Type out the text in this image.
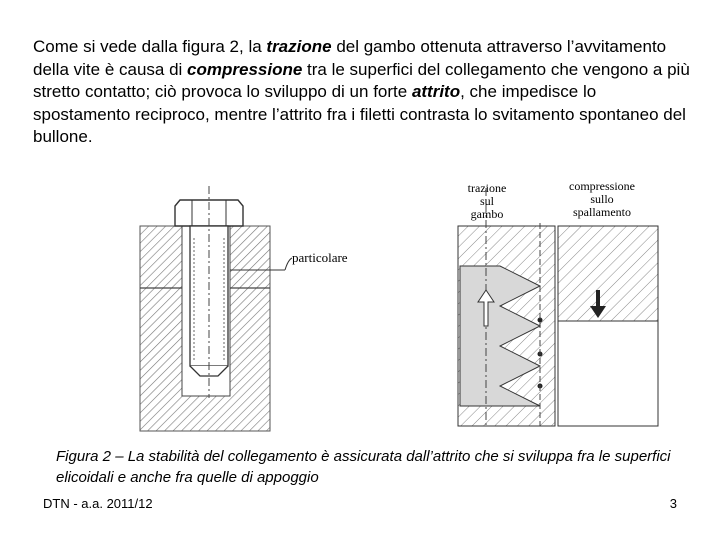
Come si vede dalla figura 2, la trazione del gambo ottenuta attraverso l’avvitamento della vite è causa di compressione tra le superfici del collegamento che vengono a più stretto contatto; ciò provoca lo sviluppo di un forte attrito, che impedisce lo spostamento reciproco, mentre l’attrito fra i filetti contrasta lo svitamento spontaneo del bullone.

particolare
trazione
sul
gambo
compressione
sullo
spallamento
Figura 2 – La stabilità del collegamento è assicurata dall’attrito che si sviluppa fra le superfici elicoidali e anche fra quelle di appoggio
DTN - a.a. 2011/12	3
